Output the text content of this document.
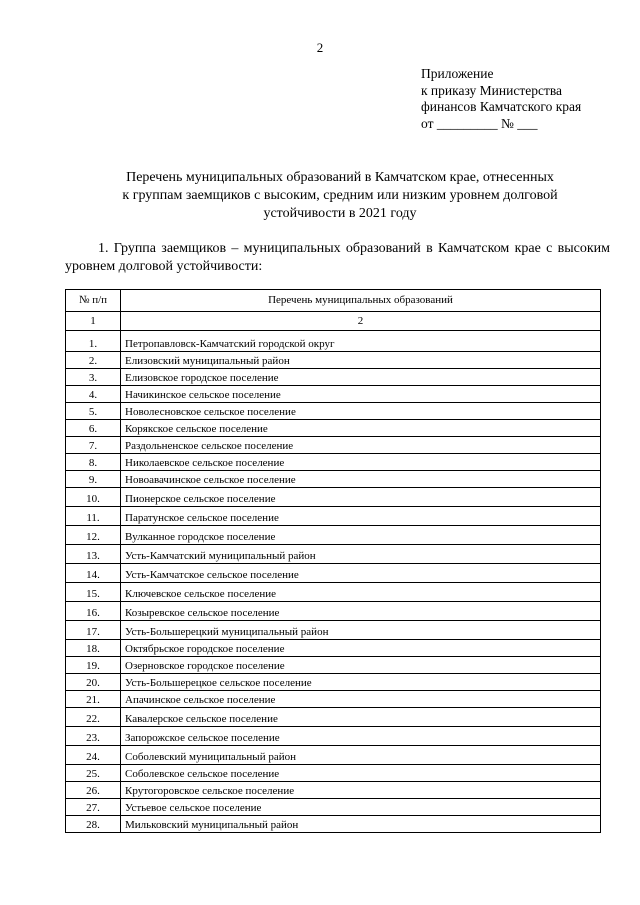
2
Приложение
к приказу Министерства
финансов Камчатского края
от _________ № ___
Перечень муниципальных образований в Камчатском крае, отнесенных
к группам заемщиков с высоким, средним или низким уровнем долговой
устойчивости в 2021 году
1. Группа заемщиков – муниципальных образований в Камчатском крае с высоким уровнем долговой устойчивости:
№ п/п	Перечень муниципальных образований
1	2

1.	Петропавловск-Камчатский городской округ
2.	Елизовский муниципальный район
3.	Елизовское городское поселение
4.	Начикинское сельское поселение
5.	Новолесновское сельское поселение
6.	Корякское сельское поселение
7.	Раздольненское сельское поселение
8.	Николаевское сельское поселение
9.	Новоавачинское сельское поселение
10.	Пионерское сельское поселение
11.	Паратунское сельское поселение
12.	Вулканное городское поселение
13.	Усть-Камчатский муниципальный район
14.	Усть-Камчатское сельское поселение
15.	Ключевское сельское поселение
16.	Козыревское сельское поселение
17.	Усть-Большерецкий муниципальный район
18.	Октябрьское городское поселение
19.	Озерновское городское поселение
20.	Усть-Большерецкое сельское поселение
21.	Апачинское сельское поселение
22.	Кавалерское сельское поселение
23.	Запорожское сельское поселение
24.	Соболевский муниципальный район
25.	Соболевское сельское поселение
26.	Крутогоровское сельское поселение
27.	Устьевое сельское поселение
28.	Мильковский муниципальный район
